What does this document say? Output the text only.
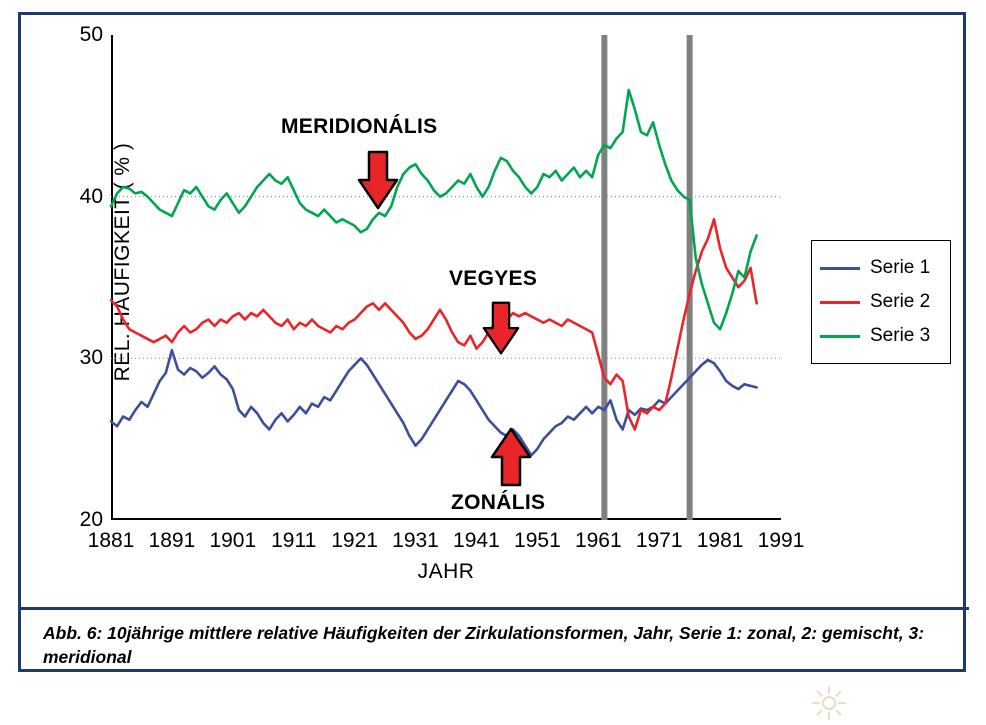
50
40
30
20
REL. HÄUFIGKEIT ( % )
1881 1891 1901 1911 1921 1931 1941 1951 1961 1971 1981 1991
MERIDIONÁLIS
VEGYES
ZONÁLIS
JAHR
Serie 1
Serie 2
Serie 3
Abb. 6: 10jährige mittlere relative Häufigkeiten der Zirkulationsformen, Jahr, Serie 1: zonal, 2: gemischt, 3: meridional
